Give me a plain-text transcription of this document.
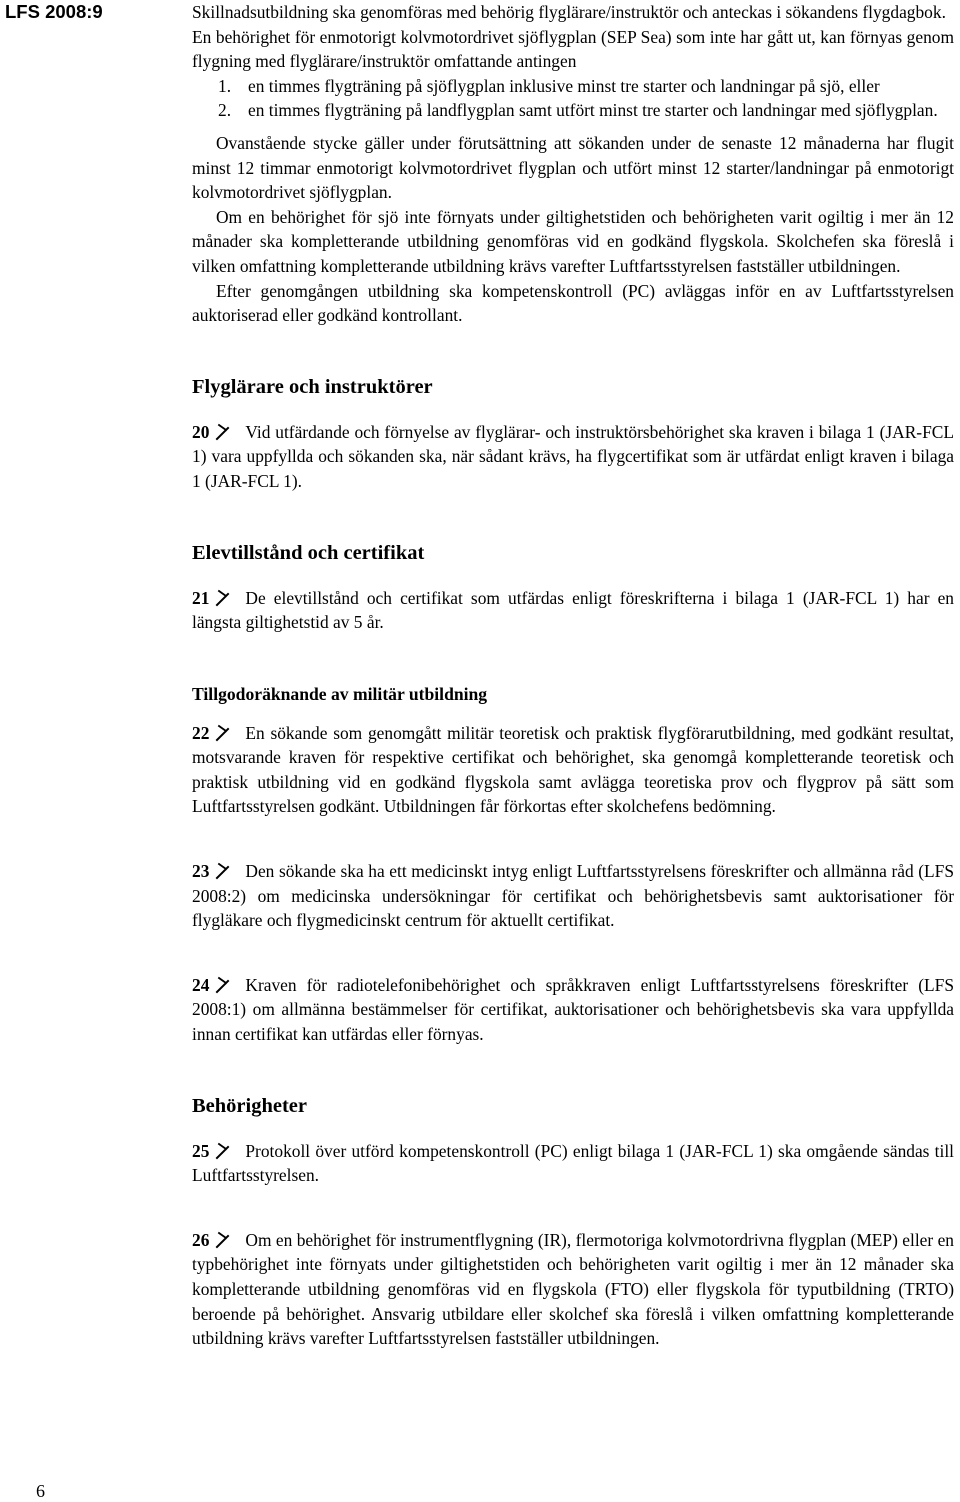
LFS 2008:9	Skillnadsutbildning ska genomföras med behörig flyglärare/instruktör och anteckas i sökandens flygdagbok.

En behörighet för enmotorigt kolvmotordrivet sjöflygplan (SEP Sea) som inte har gått ut, kan förnyas genom flygning med flyglärare/instruktör omfattande antingen

1. en timmes flygträning på sjöflygplan inklusive minst tre starter och landningar på sjö, eller
2. en timmes flygträning på landflygplan samt utfört minst tre starter och landningar med sjöflygplan.

Ovanstående stycke gäller under förutsättning att sökanden under de senaste 12 månaderna har flugit minst 12 timmar enmotorigt kolvmotordrivet flygplan och utfört minst 12 starter/landningar på enmotorigt kolvmotordrivet sjöflygplan.

Om en behörighet för sjö inte förnyats under giltighetstiden och behörigheten varit ogiltig i mer än 12 månader ska kompletterande utbildning genomföras vid en godkänd flygskola. Skolchefen ska föreslå i vilken omfattning kompletterande utbildning krävs varefter Luftfartsstyrelsen fastställer utbildningen.

Efter genomgången utbildning ska kompetenskontroll (PC) avläggas inför en av Luftfartsstyrelsen auktoriserad eller godkänd kontrollant.

Flyglärare och instruktörer

20 Vid utfärdande och förnyelse av flyglärar- och instruktörsbehörighet ska kraven i bilaga 1 (JAR-FCL 1) vara uppfyllda och sökanden ska, när sådant krävs, ha flygcertifikat som är utfärdat enligt kraven i bilaga 1 (JAR-FCL 1).

Elevtillstånd och certifikat

21 De elevtillstånd och certifikat som utfärdas enligt föreskrifterna i bilaga 1 (JAR-FCL 1) har en längsta giltighetstid av 5 år.

Tillgodoräknande av militär utbildning

22 En sökande som genomgått militär teoretisk och praktisk flygförarutbildning, med godkänt resultat, motsvarande kraven för respektive certifikat och behörighet, ska genomgå kompletterande teoretisk och praktisk utbildning vid en godkänd flygskola samt avlägga teoretiska prov och flygprov på sätt som Luftfartsstyrelsen godkänt. Utbildningen får förkortas efter skolchefens bedömning.

23 Den sökande ska ha ett medicinskt intyg enligt Luftfartsstyrelsens föreskrifter och allmänna råd (LFS 2008:2) om medicinska undersökningar för certifikat och behörighetsbevis samt auktorisationer för flygläkare och flygmedicinskt centrum för aktuellt certifikat.

24 Kraven för radiotelefonibehörighet och språkkraven enligt Luftfartsstyrelsens föreskrifter (LFS 2008:1) om allmänna bestämmelser för certifikat, auktorisationer och behörighetsbevis ska vara uppfyllda innan certifikat kan utfärdas eller förnyas.

Behörigheter

25 Protokoll över utförd kompetenskontroll (PC) enligt bilaga 1 (JAR-FCL 1) ska omgående sändas till Luftfartsstyrelsen.

26 Om en behörighet för instrumentflygning (IR), flermotoriga kolvmotordrivna flygplan (MEP) eller en typbehörighet inte förnyats under giltighetstiden och behörigheten varit ogiltig i mer än 12 månader ska kompletterande utbildning genomföras vid en flygskola (FTO) eller flygskola för typutbildning (TRTO) beroende på behörighet. Ansvarig utbildare eller skolchef ska föreslå i vilken omfattning kompletterande utbildning krävs varefter Luftfartsstyrelsen fastställer utbildningen.

6
